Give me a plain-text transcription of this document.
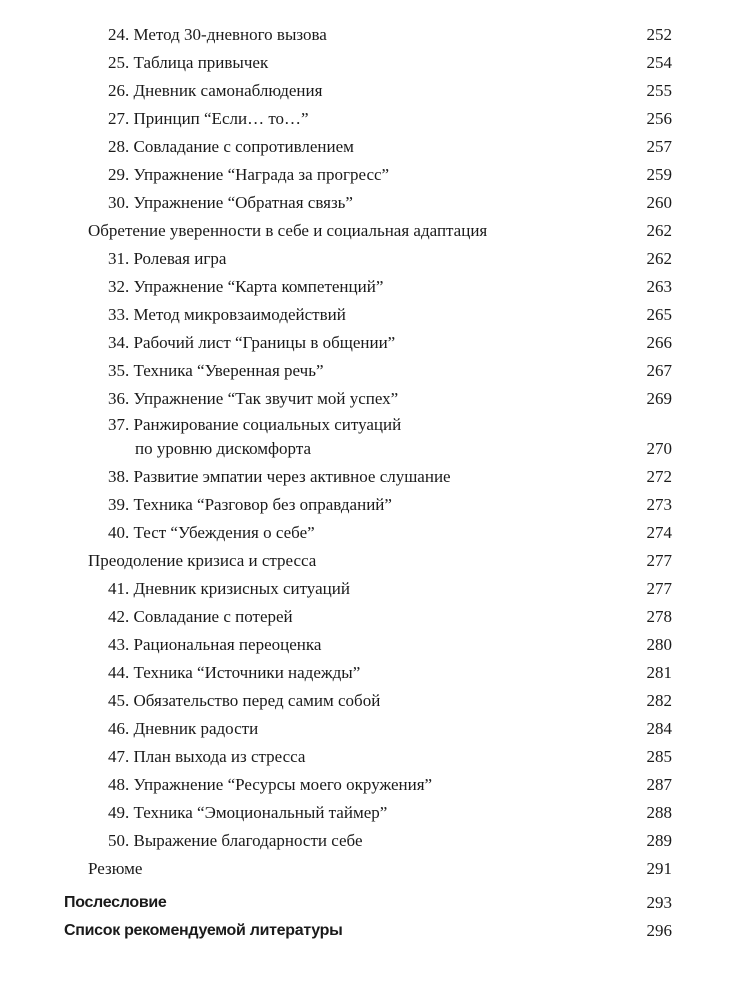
24. Метод 30-дневного вызова	252
25. Таблица привычек	254
26. Дневник самонаблюдения	255
27. Принцип “Если… то…”	256
28. Совладание с сопротивлением	257
29. Упражнение “Награда за прогресс”	259
30. Упражнение “Обратная связь”	260
Обретение уверенности в себе и социальная адаптация	262
31. Ролевая игра	262
32. Упражнение “Карта компетенций”	263
33. Метод микровзаимодействий	265
34. Рабочий лист “Границы в общении”	266
35. Техника “Уверенная речь”	267
36. Упражнение “Так звучит мой успех”	269
37. Ранжирование социальных ситуаций
по уровню дискомфорта	270
38. Развитие эмпатии через активное слушание	272
39. Техника “Разговор без оправданий”	273
40. Тест “Убеждения о себе”	274
Преодоление кризиса и стресса	277
41. Дневник кризисных ситуаций	277
42. Совладание с потерей	278
43. Рациональная переоценка	280
44. Техника “Источники надежды”	281
45. Обязательство перед самим собой	282
46. Дневник радости	284
47. План выхода из стресса	285
48. Упражнение “Ресурсы моего окружения”	287
49. Техника “Эмоциональный таймер”	288
50. Выражение благодарности себе	289
Резюме	291
Послесловие	293
Список рекомендуемой литературы	296
